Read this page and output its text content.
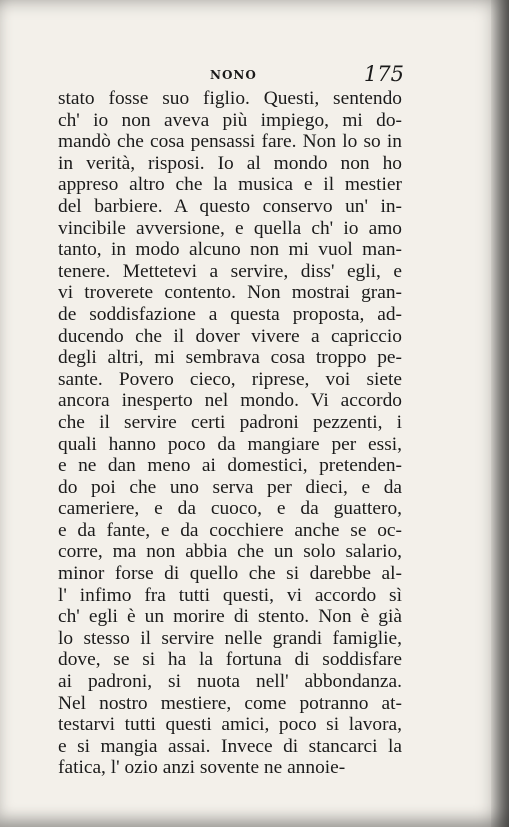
NONO	175
stato fosse suo figlio. Questi, sentendo
ch' io non aveva più impiego, mi do-
mandò che cosa pensassi fare. Non lo so in
in verità, risposi. Io al mondo non ho
appreso altro che la musica e il mestier
del barbiere. A questo conservo un' in-
vincibile avversione, e quella ch' io amo
tanto, in modo alcuno non mi vuol man-
tenere. Mettetevi a servire, diss' egli, e
vi troverete contento. Non mostrai gran-
de soddisfazione a questa proposta, ad-
ducendo che il dover vivere a capriccio
degli altri, mi sembrava cosa troppo pe-
sante. Povero cieco, riprese, voi siete
ancora inesperto nel mondo. Vi accordo
che il servire certi padroni pezzenti, i
quali hanno poco da mangiare per essi,
e ne dan meno ai domestici, pretenden-
do poi che uno serva per dieci, e da
cameriere, e da cuoco, e da guattero,
e da fante, e da cocchiere anche se oc-
corre, ma non abbia che un solo salario,
minor forse di quello che si darebbe al-
l' infimo fra tutti questi, vi accordo sì
ch' egli è un morire di stento. Non è già
lo stesso il servire nelle grandi famiglie,
dove, se si ha la fortuna di soddisfare
ai padroni, si nuota nell' abbondanza.
Nel nostro mestiere, come potranno at-
testarvi tutti questi amici, poco si lavora,
e si mangia assai. Invece di stancarci la
fatica, l' ozio anzi sovente ne annoie-
